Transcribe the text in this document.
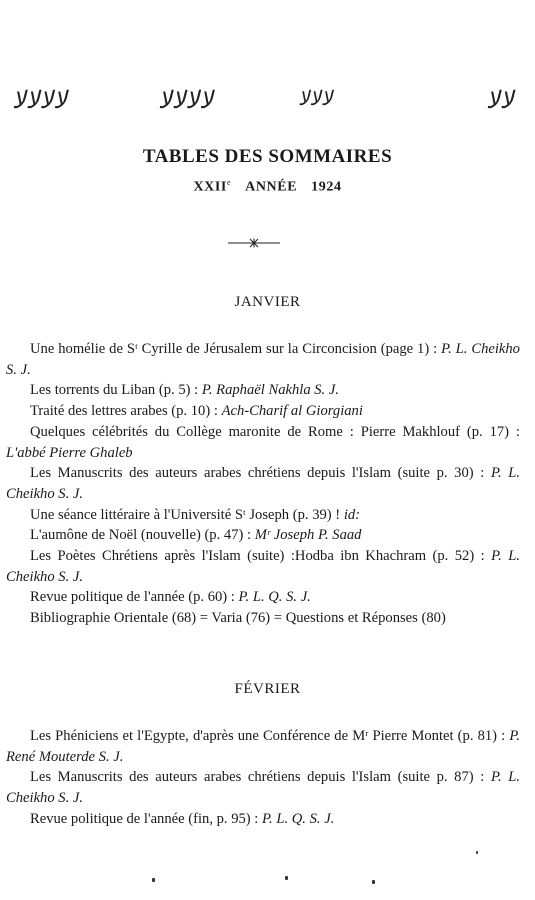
ﻻﻻﻻﻻ	ﻻﻻﻻﻻ	ﻻﻻﻻ	ﻻﻻ
TABLES DES SOMMAIRES
XXIIe ANNÉE 1924
JANVIER

Une homélie de Sᵗ Cyrille de Jérusalem sur la Circoncision (page 1) : P. L. Cheikho S. J.

Les torrents du Liban (p. 5) : P. Raphaël Nakhla S. J.

Traité des lettres arabes (p. 10) : Ach-Charif al Giorgiani

Quelques célébrités du Collège maronite de Rome : Pierre Makhlouf (p. 17) : L'abbé Pierre Ghaleb

Les Manuscrits des auteurs arabes chrétiens depuis l'Islam (suite p. 30) : P. L. Cheikho S. J.

Une séance littéraire à l'Université Sᵗ Joseph (p. 39) ! id:

L'aumône de Noël (nouvelle) (p. 47) : Mʳ Joseph P. Saad

Les Poètes Chrétiens après l'Islam (suite) :Hodba ibn Khachram (p. 52) : P. L. Cheikho S. J.

Revue politique de l'année (p. 60) : P. L. Q. S. J.

Bibliographie Orientale (68) = Varia (76) = Questions et Réponses (80)

FÉVRIER

Les Phéniciens et l'Egypte, d'après une Conférence de Mʳ Pierre Montet (p. 81) : P. René Mouterde S. J.

Les Manuscrits des auteurs arabes chrétiens depuis l'Islam (suite p. 87) : P. L. Cheikho S. J.

Revue politique de l'année (fin, p. 95) : P. L. Q. S. J.
